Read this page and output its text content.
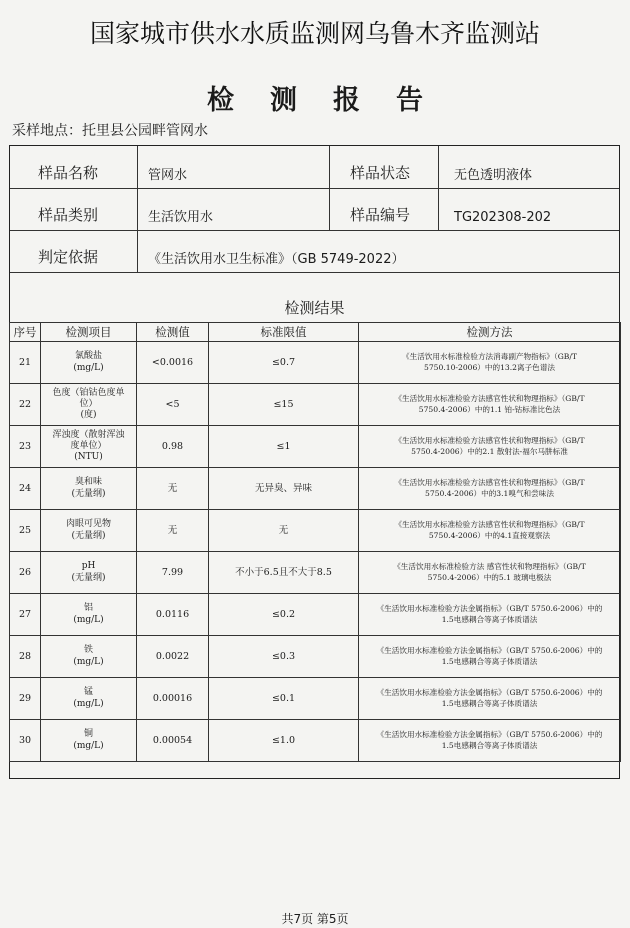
国家城市供水水质监测网乌鲁木齐监测站
检测报告
采样地点：托里县公园畔管网水
样品名称	管网水	样品状态	无色透明液体
样品类别	生活饮用水	样品编号	TG202308-202
判定依据	《生活饮用水卫生标准》（GB 5749-2022）
检测结果
序号	检测项目	检测值	标准限值	检测方法
21	氯酸盐
(mg/L)	<0.0016	≤0.7	《生活饮用水标准检验方法消毒副产物指标》（GB/T
5750.10-2006）中的13.2离子色谱法
22	色度（铂钴色度单
位）
(度)	<5	≤15	《生活饮用水标准检验方法感官性状和物理指标》（GB/T
5750.4-2006）中的1.1 铂-钴标准比色法
23	浑浊度（散射浑浊
度单位）
(NTU)	0.98	≤1	《生活饮用水标准检验方法感官性状和物理指标》（GB/T
5750.4-2006）中的2.1 散射法-福尔马肼标准
24	臭和味
(无量纲)	无	无异臭、异味	《生活饮用水标准检验方法感官性状和物理指标》（GB/T
5750.4-2006）中的3.1嗅气和尝味法
25	肉眼可见物
(无量纲)	无	无	《生活饮用水标准检验方法感官性状和物理指标》（GB/T
5750.4-2006）中的4.1直接观察法
26	pH
(无量纲)	7.99	不小于6.5且不大于8.5	《生活饮用水标准检验方法 感官性状和物理指标》（GB/T
5750.4-2006）中的5.1 玻璃电极法
27	铝
(mg/L)	0.0116	≤0.2	《生活饮用水标准检验方法金属指标》（GB/T 5750.6-2006）中的
1.5电感耦合等离子体质谱法
28	铁
(mg/L)	0.0022	≤0.3	《生活饮用水标准检验方法金属指标》（GB/T 5750.6-2006）中的
1.5电感耦合等离子体质谱法
29	锰
(mg/L)	0.00016	≤0.1	《生活饮用水标准检验方法金属指标》（GB/T 5750.6-2006）中的
1.5电感耦合等离子体质谱法
30	铜
(mg/L)	0.00054	≤1.0	《生活饮用水标准检验方法金属指标》（GB/T 5750.6-2006）中的
1.5电感耦合等离子体质谱法
共7页 第5页
